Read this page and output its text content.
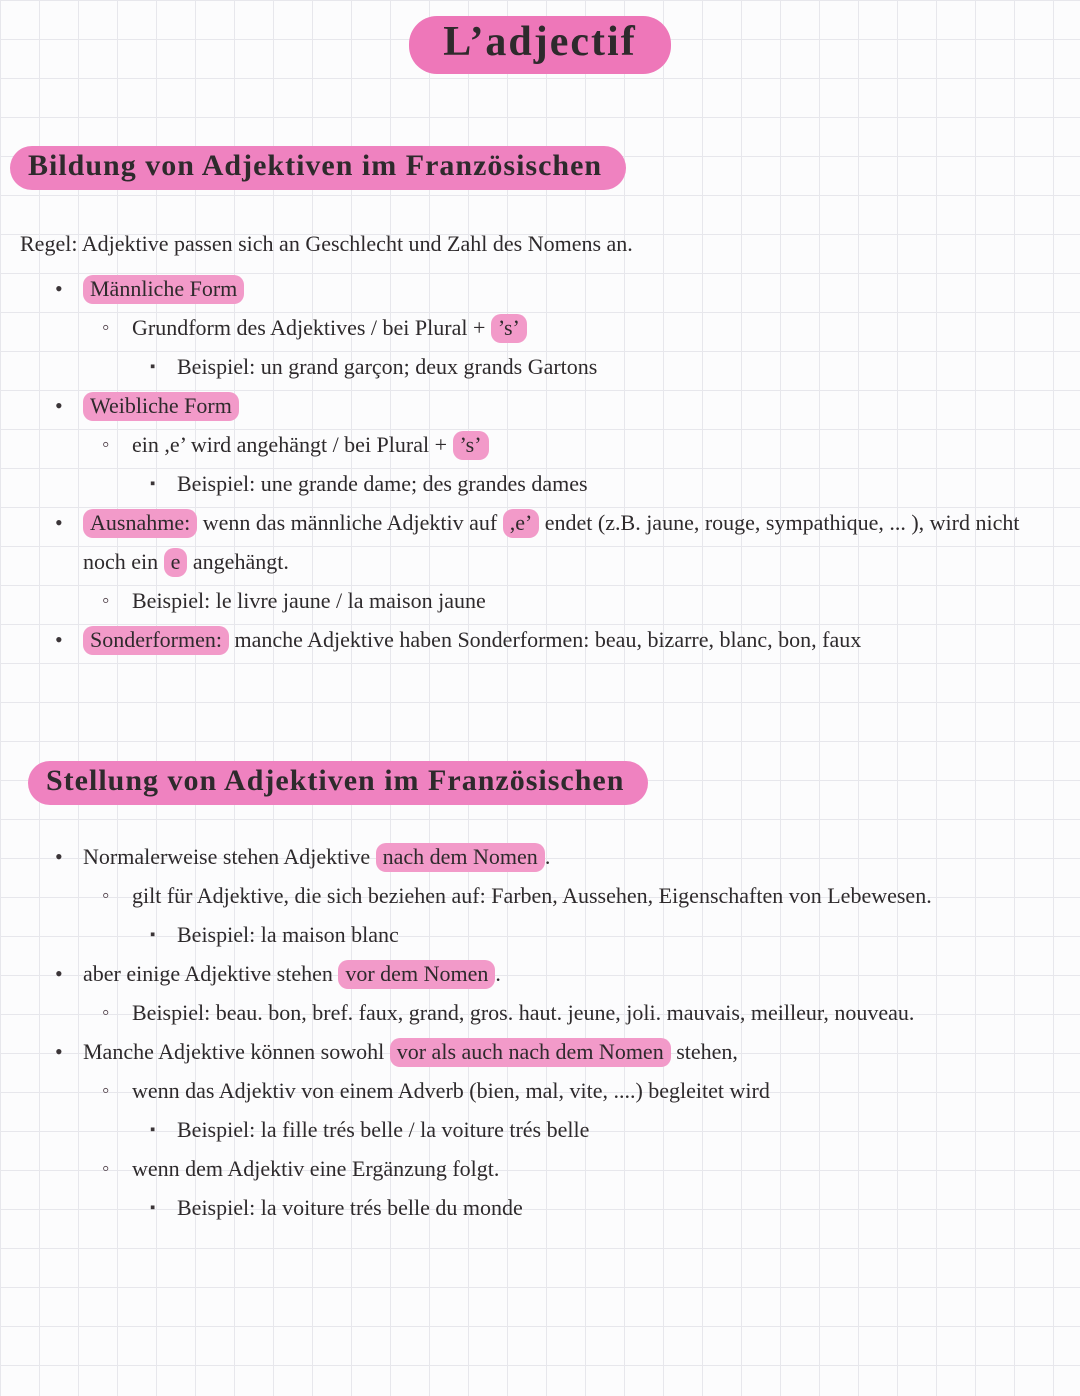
L’adjectif
Bildung von Adjektiven im Französischen
Regel: Adjektive passen sich an Geschlecht und Zahl des Nomens an.
• Männliche Form
◦ Grundform des Adjektives / bei Plural + ’s’
▪ Beispiel: un grand garçon; deux grands Gartons
• Weibliche Form
◦ ein ,e’ wird angehängt / bei Plural + ’s’
▪ Beispiel: une grande dame; des grandes dames
• Ausnahme: wenn das männliche Adjektiv auf ,e’ endet (z.B. jaune, rouge, sympathique, ... ), wird nicht noch ein e angehängt.
◦ Beispiel: le livre jaune / la maison jaune
• Sonderformen: manche Adjektive haben Sonderformen: beau, bizarre, blanc, bon, faux
Stellung von Adjektiven im Französischen
• Normalerweise stehen Adjektive nach dem Nomen .
◦ gilt für Adjektive, die sich beziehen auf: Farben, Aussehen, Eigenschaften von Lebewesen.
▪ Beispiel: la maison blanc
• aber einige Adjektive stehen vor dem Nomen .
◦ Beispiel: beau. bon, bref. faux, grand, gros. haut. jeune, joli. mauvais, meilleur, nouveau.
• Manche Adjektive können sowohl vor als auch nach dem Nomen stehen,
◦ wenn das Adjektiv von einem Adverb (bien, mal, vite, ....) begleitet wird
▪ Beispiel: la fille trés belle / la voiture trés belle
◦ wenn dem Adjektiv eine Ergänzung folgt.
▪ Beispiel: la voiture trés belle du monde
